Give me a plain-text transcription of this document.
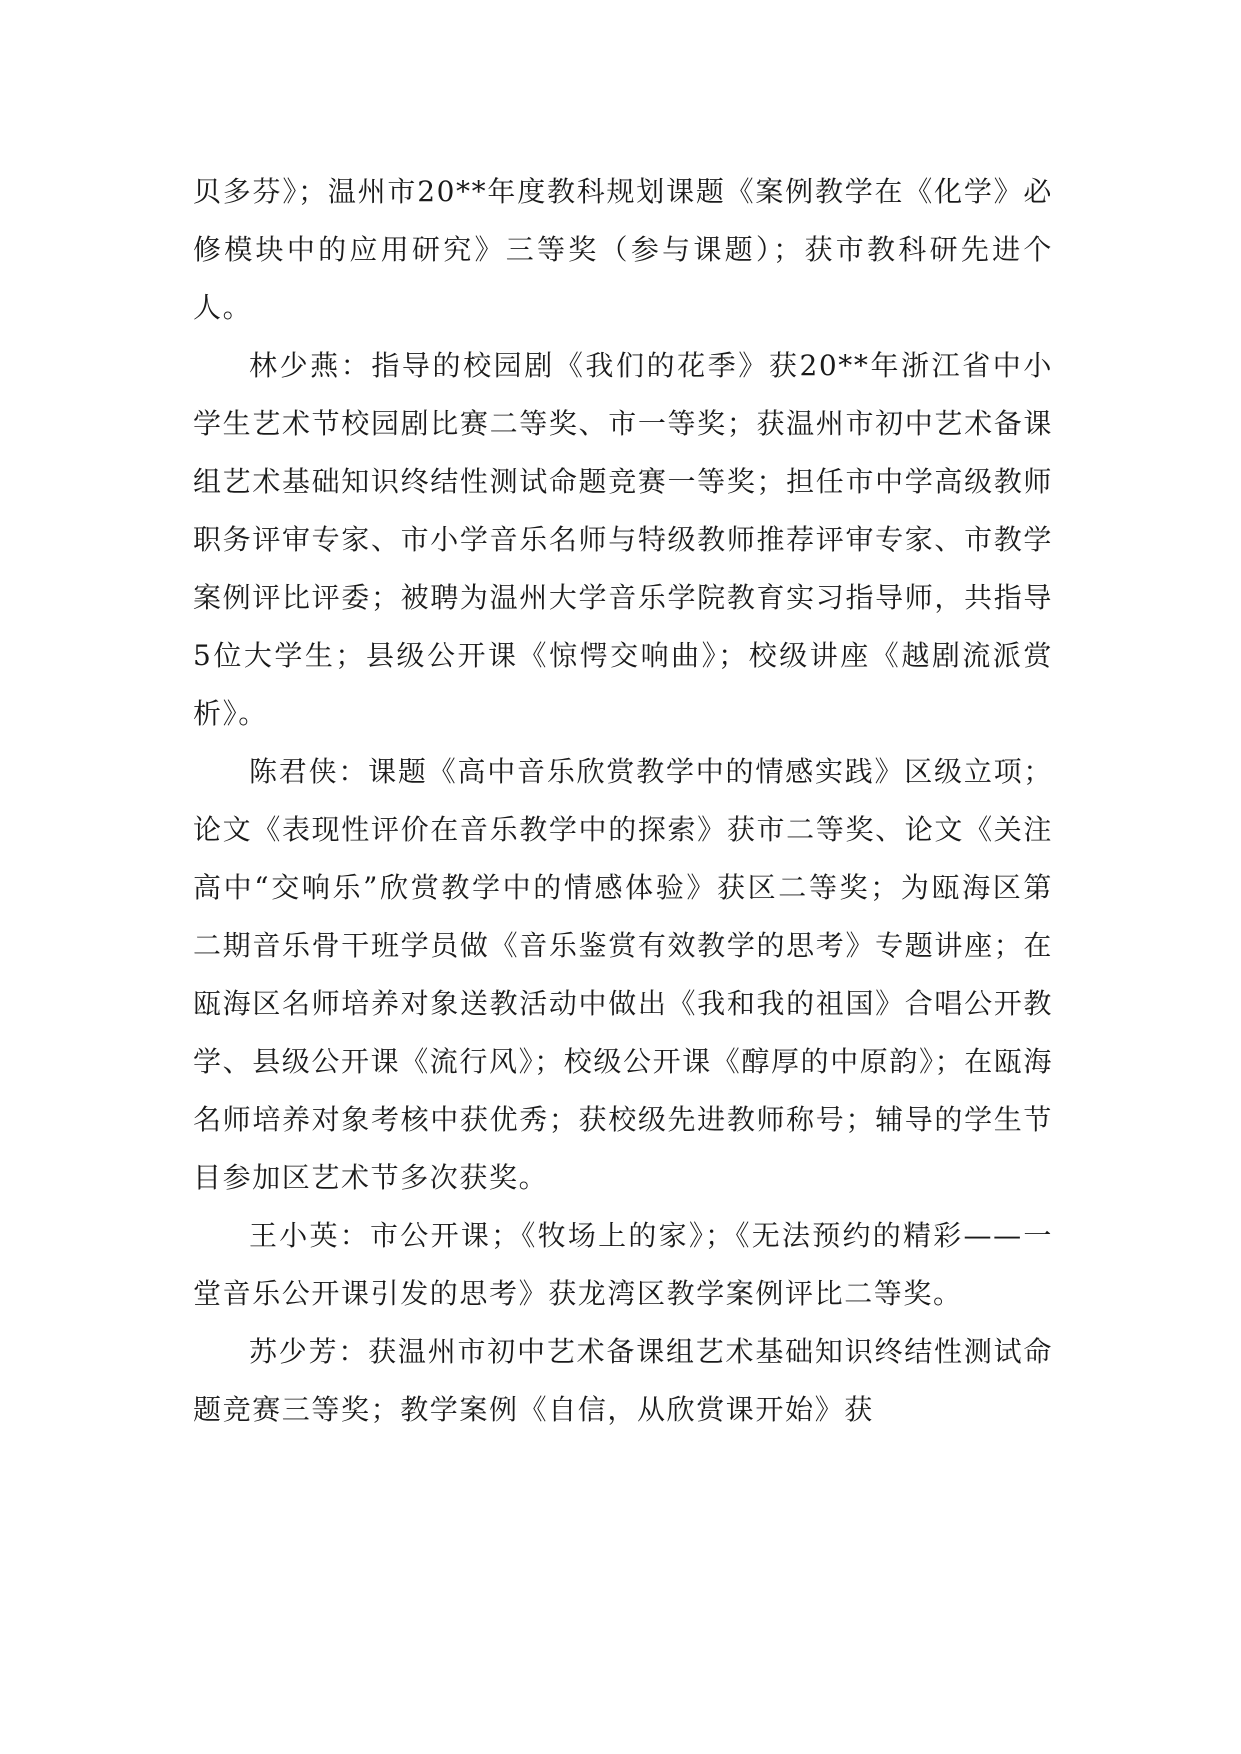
贝多芬》；温州市20**年度教科规划课题《案例教学在《化学》必修模块中的应用研究》三等奖（参与课题）；获市教科研先进个人。

林少燕：指导的校园剧《我们的花季》获20**年浙江省中小学生艺术节校园剧比赛二等奖、市一等奖；获温州市初中艺术备课组艺术基础知识终结性测试命题竞赛一等奖；担任市中学高级教师职务评审专家、市小学音乐名师与特级教师推荐评审专家、市教学案例评比评委；被聘为温州大学音乐学院教育实习指导师，共指导5位大学生；县级公开课《惊愕交响曲》；校级讲座《越剧流派赏析》。

陈君侠：课题《高中音乐欣赏教学中的情感实践》区级立项；论文《表现性评价在音乐教学中的探索》获市二等奖、论文《关注高中“交响乐”欣赏教学中的情感体验》获区二等奖；为瓯海区第二期音乐骨干班学员做《音乐鉴赏有效教学的思考》专题讲座；在瓯海区名师培养对象送教活动中做出《我和我的祖国》合唱公开教学、县级公开课《流行风》；校级公开课《醇厚的中原韵》；在瓯海名师培养对象考核中获优秀；获校级先进教师称号；辅导的学生节目参加区艺术节多次获奖。

王小英：市公开课；《牧场上的家》；《无法预约的精彩——一堂音乐公开课引发的思考》获龙湾区教学案例评比二等奖。

苏少芳：获温州市初中艺术备课组艺术基础知识终结性测试命题竞赛三等奖；教学案例《自信，从欣赏课开始》获
